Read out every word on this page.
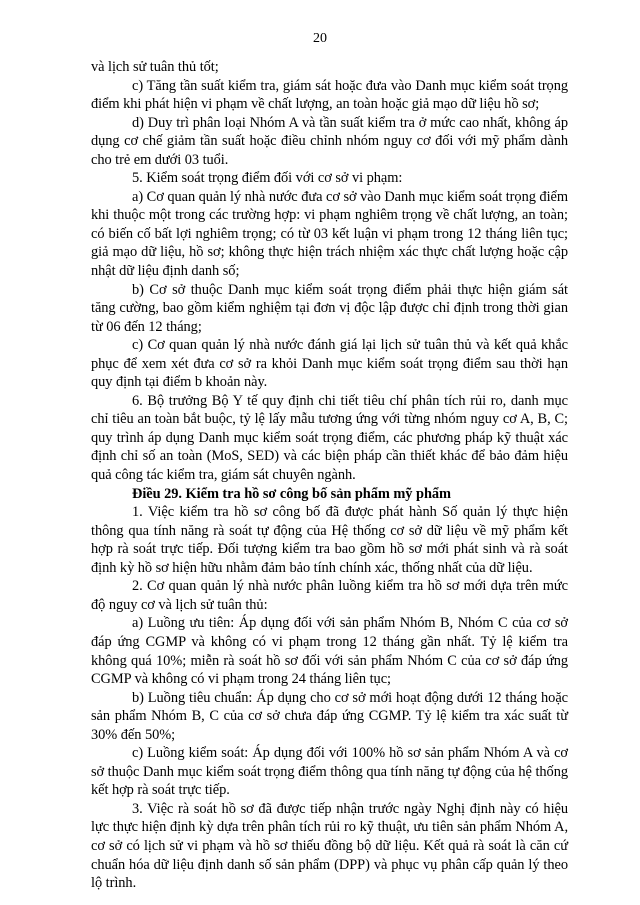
20

và lịch sử tuân thủ tốt;

c) Tăng tần suất kiểm tra, giám sát hoặc đưa vào Danh mục kiểm soát trọng điểm khi phát hiện vi phạm về chất lượng, an toàn hoặc giả mạo dữ liệu hồ sơ;

d) Duy trì phân loại Nhóm A và tần suất kiểm tra ở mức cao nhất, không áp dụng cơ chế giảm tần suất hoặc điều chỉnh nhóm nguy cơ đối với mỹ phẩm dành cho trẻ em dưới 03 tuổi.

5. Kiểm soát trọng điểm đối với cơ sở vi phạm:

a) Cơ quan quản lý nhà nước đưa cơ sở vào Danh mục kiểm soát trọng điểm khi thuộc một trong các trường hợp: vi phạm nghiêm trọng về chất lượng, an toàn; có biến cố bất lợi nghiêm trọng; có từ 03 kết luận vi phạm trong 12 tháng liên tục; giả mạo dữ liệu, hồ sơ; không thực hiện trách nhiệm xác thực chất lượng hoặc cập nhật dữ liệu định danh số;

b) Cơ sở thuộc Danh mục kiểm soát trọng điểm phải thực hiện giám sát tăng cường, bao gồm kiểm nghiệm tại đơn vị độc lập được chỉ định trong thời gian từ 06 đến 12 tháng;

c) Cơ quan quản lý nhà nước đánh giá lại lịch sử tuân thủ và kết quả khắc phục để xem xét đưa cơ sở ra khỏi Danh mục kiểm soát trọng điểm sau thời hạn quy định tại điểm b khoản này.

6. Bộ trưởng Bộ Y tế quy định chi tiết tiêu chí phân tích rủi ro, danh mục chỉ tiêu an toàn bắt buộc, tỷ lệ lấy mẫu tương ứng với từng nhóm nguy cơ A, B, C; quy trình áp dụng Danh mục kiểm soát trọng điểm, các phương pháp kỹ thuật xác định chỉ số an toàn (MoS, SED) và các biện pháp cần thiết khác để bảo đảm hiệu quả công tác kiểm tra, giám sát chuyên ngành.

Điều 29. Kiểm tra hồ sơ công bố sản phẩm mỹ phẩm

1. Việc kiểm tra hồ sơ công bố đã được phát hành Số quản lý thực hiện thông qua tính năng rà soát tự động của Hệ thống cơ sở dữ liệu về mỹ phẩm kết hợp rà soát trực tiếp. Đối tượng kiểm tra bao gồm hồ sơ mới phát sinh và rà soát định kỳ hồ sơ hiện hữu nhằm đảm bảo tính chính xác, thống nhất của dữ liệu.

2. Cơ quan quản lý nhà nước phân luồng kiểm tra hồ sơ mới dựa trên mức độ nguy cơ và lịch sử tuân thủ:

a) Luồng ưu tiên: Áp dụng đối với sản phẩm Nhóm B, Nhóm C của cơ sở đáp ứng CGMP và không có vi phạm trong 12 tháng gần nhất. Tỷ lệ kiểm tra không quá 10%; miễn rà soát hồ sơ đối với sản phẩm Nhóm C của cơ sở đáp ứng CGMP và không có vi phạm trong 24 tháng liên tục;

b) Luồng tiêu chuẩn: Áp dụng cho cơ sở mới hoạt động dưới 12 tháng hoặc sản phẩm Nhóm B, C của cơ sở chưa đáp ứng CGMP. Tỷ lệ kiểm tra xác suất từ 30% đến 50%;

c) Luồng kiểm soát: Áp dụng đối với 100% hồ sơ sản phẩm Nhóm A và cơ sở thuộc Danh mục kiểm soát trọng điểm thông qua tính năng tự động của hệ thống kết hợp rà soát trực tiếp.

3. Việc rà soát hồ sơ đã được tiếp nhận trước ngày Nghị định này có hiệu lực thực hiện định kỳ dựa trên phân tích rủi ro kỹ thuật, ưu tiên sản phẩm Nhóm A, cơ sở có lịch sử vi phạm và hồ sơ thiếu đồng bộ dữ liệu. Kết quả rà soát là căn cứ chuẩn hóa dữ liệu định danh số sản phẩm (DPP) và phục vụ phân cấp quản lý theo lộ trình.
